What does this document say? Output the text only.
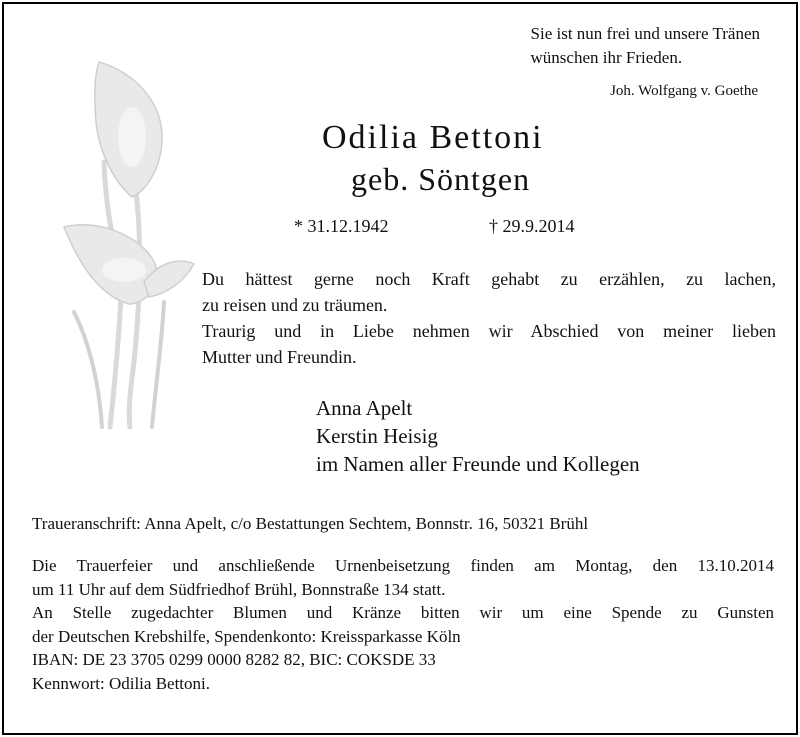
Sie ist nun frei und unsere Tränen
wünschen ihr Frieden.
Joh. Wolfgang v. Goethe
Odilia Bettoni
geb. Söntgen
* 31.12.1942	† 29.9.2014
Du hättest gerne noch Kraft gehabt zu erzählen, zu lachen,
zu reisen und zu träumen.
Traurig und in Liebe nehmen wir Abschied von meiner lieben
Mutter und Freundin.
Anna Apelt
Kerstin Heisig
im Namen aller Freunde und Kollegen
Traueranschrift: Anna Apelt, c/o Bestattungen Sechtem, Bonnstr. 16, 50321 Brühl
Die Trauerfeier und anschließende Urnenbeisetzung finden am Montag, den 13.10.2014
um 11 Uhr auf dem Südfriedhof Brühl, Bonnstraße 134 statt.
An Stelle zugedachter Blumen und Kränze bitten wir um eine Spende zu Gunsten
der Deutschen Krebshilfe, Spendenkonto: Kreissparkasse Köln
IBAN: DE 23 3705 0299 0000 8282 82, BIC: COKSDE 33
Kennwort: Odilia Bettoni.
